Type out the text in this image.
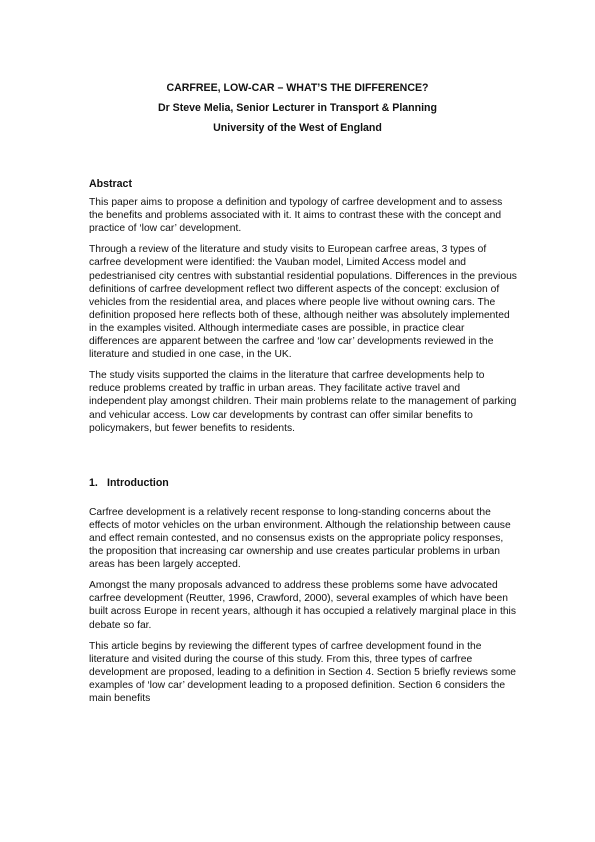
CARFREE, LOW-CAR – WHAT’S THE DIFFERENCE?
Dr Steve Melia, Senior Lecturer in Transport & Planning
University of the West of England
Abstract

This paper aims to propose a definition and typology of carfree development and to assess the benefits and problems associated with it. It aims to contrast these with the concept and practice of ‘low car’ development.

Through a review of the literature and study visits to European carfree areas, 3 types of carfree development were identified: the Vauban model, Limited Access model and pedestrianised city centres with substantial residential populations. Differences in the previous definitions of carfree development reflect two different aspects of the concept: exclusion of vehicles from the residential area, and places where people live without owning cars. The definition proposed here reflects both of these, although neither was absolutely implemented in the examples visited. Although intermediate cases are possible, in practice clear differences are apparent between the carfree and ‘low car’ developments reviewed in the literature and studied in one case, in the UK.

The study visits supported the claims in the literature that carfree developments help to reduce problems created by traffic in urban areas. They facilitate active travel and independent play amongst children. Their main problems relate to the management of parking and vehicular access. Low car developments by contrast can offer similar benefits to policymakers, but fewer benefits to residents.

1. Introduction

Carfree development is a relatively recent response to long-standing concerns about the effects of motor vehicles on the urban environment. Although the relationship between cause and effect remain contested, and no consensus exists on the appropriate policy responses, the proposition that increasing car ownership and use creates particular problems in urban areas has been largely accepted.

Amongst the many proposals advanced to address these problems some have advocated carfree development (Reutter, 1996, Crawford, 2000), several examples of which have been built across Europe in recent years, although it has occupied a relatively marginal place in this debate so far.

This article begins by reviewing the different types of carfree development found in the literature and visited during the course of this study. From this, three types of carfree development are proposed, leading to a definition in Section 4. Section 5 briefly reviews some examples of ‘low car’ development leading to a proposed definition. Section 6 considers the main benefits
